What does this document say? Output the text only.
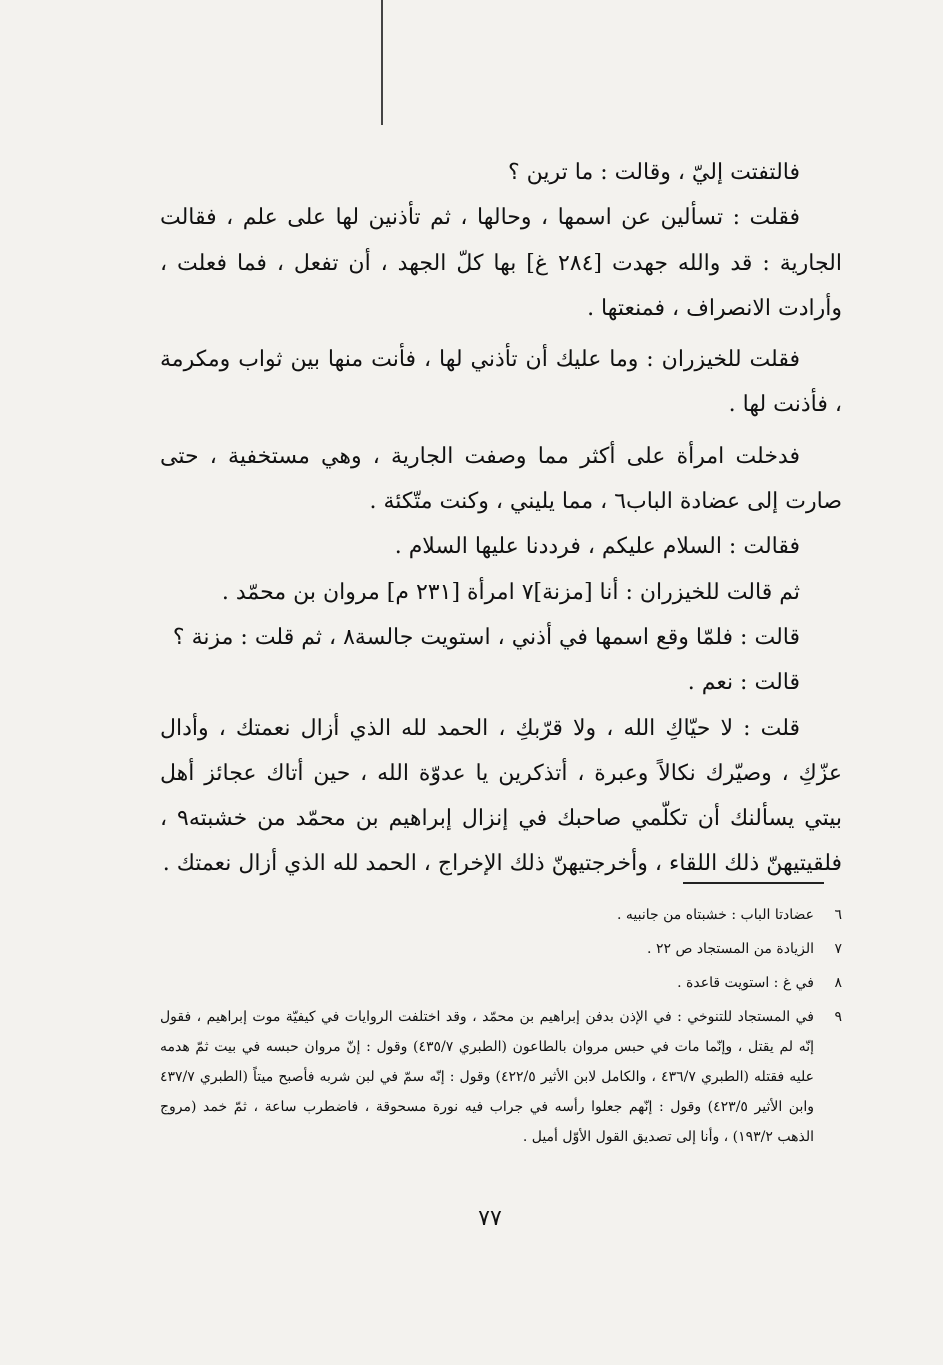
فالتفتت إليّ ، وقالت : ما ترين ؟

فقلت : تسألين عن اسمها ، وحالها ، ثم تأذنين لها على علم ، فقالت الجارية : قد والله جهدت [٢٨٤ غ] بها كلّ الجهد ، أن تفعل ، فما فعلت ، وأرادت الانصراف ، فمنعتها .

فقلت للخيزران : وما عليك أن تأذني لها ، فأنت منها بين ثواب ومكرمة ، فأذنت لها .

فدخلت امرأة على أكثر مما وصفت الجارية ، وهي مستخفية ، حتى صارت إلى عضادة الباب٦ ، مما يليني ، وكنت متّكئة .

فقالت : السلام عليكم ، فرددنا عليها السلام .

ثم قالت للخيزران : أنا [مزنة]٧ امرأة [٢٣١ م] مروان بن محمّد .

قالت : فلمّا وقع اسمها في أذني ، استويت جالسة٨ ، ثم قلت : مزنة ؟

قالت : نعم .

قلت : لا حيّاكِ الله ، ولا قرّبكِ ، الحمد لله الذي أزال نعمتك ، وأدال عزّكِ ، وصيّرك نكالاً وعبرة ، أتذكرين يا عدوّة الله ، حين أتاك عجائز أهل بيتي يسألنك أن تكلّمي صاحبك في إنزال إبراهيم بن محمّد من خشبته٩ ، فلقيتيهنّ ذلك اللقاء ، وأخرجتيهنّ ذلك الإخراج ، الحمد لله الذي أزال نعمتك .

٦
عضادتا الباب : خشبتاه من جانبيه .
٧
الزيادة من المستجاد ص ٢٢ .
٨
في غ : استويت قاعدة .
٩
في المستجاد للتنوخي : في الإذن بدفن إبراهيم بن محمّد ، وقد اختلفت الروايات في كيفيّة موت إبراهيم ، فقول إنّه لم يقتل ، وإنّما مات في حبس مروان بالطاعون (الطبري ٤٣٥/٧) وقول : إنّ مروان حبسه في بيت ثمّ هدمه عليه فقتله (الطبري ٤٣٦/٧ ، والكامل لابن الأثير ٤٢٢/٥) وقول : إنّه سمّ في لبن شربه فأصبح ميتاً (الطبري ٤٣٧/٧ وابن الأثير ٤٢٣/٥) وقول : إنّهم جعلوا رأسه في جراب فيه نورة مسحوقة ، فاضطرب ساعة ، ثمّ خمد (مروج الذهب ١٩٣/٢) ، وأنا إلى تصديق القول الأوّل أميل .
٧٧
